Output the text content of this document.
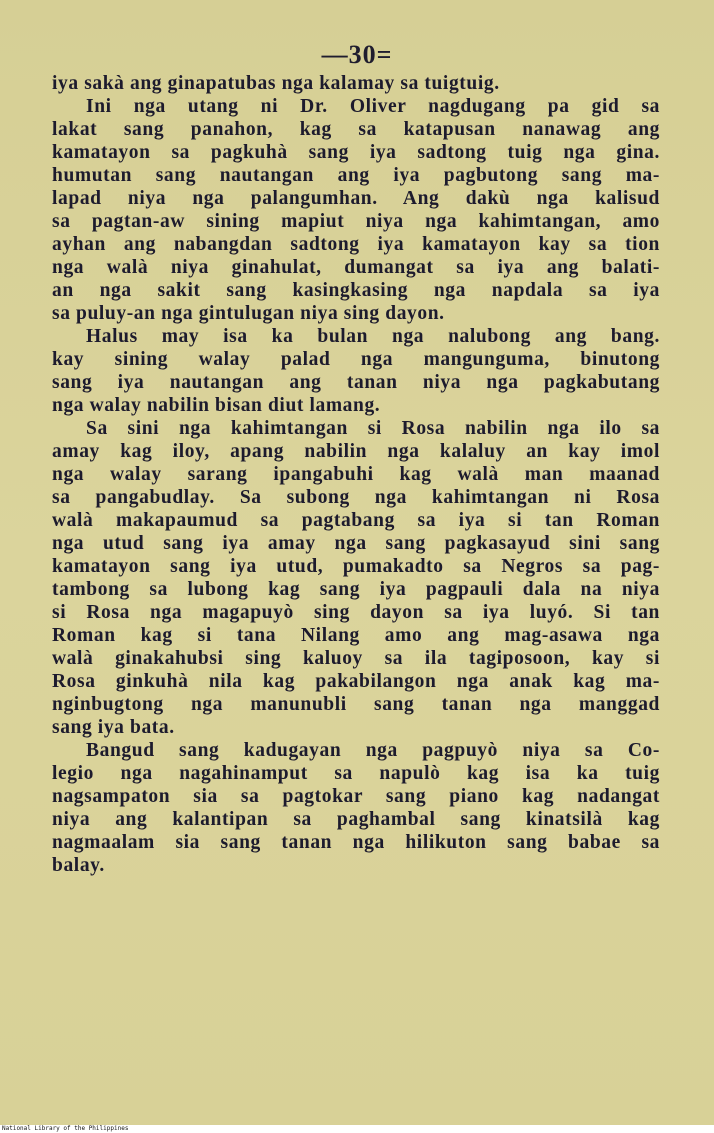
—30=
iya sakà ang ginapatubas nga kalamay sa tuigtuig.
Ini nga utang ni Dr. Oliver nagdugang pa gid sa
lakat sang panahon, kag sa katapusan nanawag ang
kamatayon sa pagkuhà sang iya sadtong tuig nga gina.
humutan sang nautangan ang iya pagbutong sang ma-
lapad niya nga palangumhan. Ang dakù nga kalisud
sa pagtan-aw sining mapiut niya nga kahimtangan, amo
ayhan ang nabangdan sadtong iya kamatayon kay sa tion
nga walà niya ginahulat, dumangat sa iya ang balati-
an nga sakit sang kasingkasing nga napdala sa iya
sa puluy-an nga gintulugan niya sing dayon.
Halus may isa ka bulan nga nalubong ang bang.
kay sining walay palad nga mangunguma, binutong
sang iya nautangan ang tanan niya nga pagkabutang
nga walay nabilin bisan diut lamang.
Sa sini nga kahimtangan si Rosa nabilin nga ilo sa
amay kag iloy, apang nabilin nga kalaluy an kay imol
nga walay sarang ipangabuhi kag walà man maanad
sa pangabudlay. Sa subong nga kahimtangan ni Rosa
walà makapaumud sa pagtabang sa iya si tan Roman
nga utud sang iya amay nga sang pagkasayud sini sang
kamatayon sang iya utud, pumakadto sa Negros sa pag-
tambong sa lubong kag sang iya pagpauli dala na niya
si Rosa nga magapuyò sing dayon sa iya luyó. Si tan
Roman kag si tana Nilang amo ang mag-asawa nga
walà ginakahubsi sing kaluoy sa ila tagiposoon, kay si
Rosa ginkuhà nila kag pakabilangon nga anak kag ma-
nginbugtong nga manunubli sang tanan nga manggad
sang iya bata.
Bangud sang kadugayan nga pagpuyò niya sa Co-
legio nga nagahinamput sa napulò kag isa ka tuig
nagsampaton sia sa pagtokar sang piano kag nadangat
niya ang kalantipan sa paghambal sang kinatsilà kag
nagmaalam sia sang tanan nga hilikuton sang babae sa
balay.
National Library of the Philippines
